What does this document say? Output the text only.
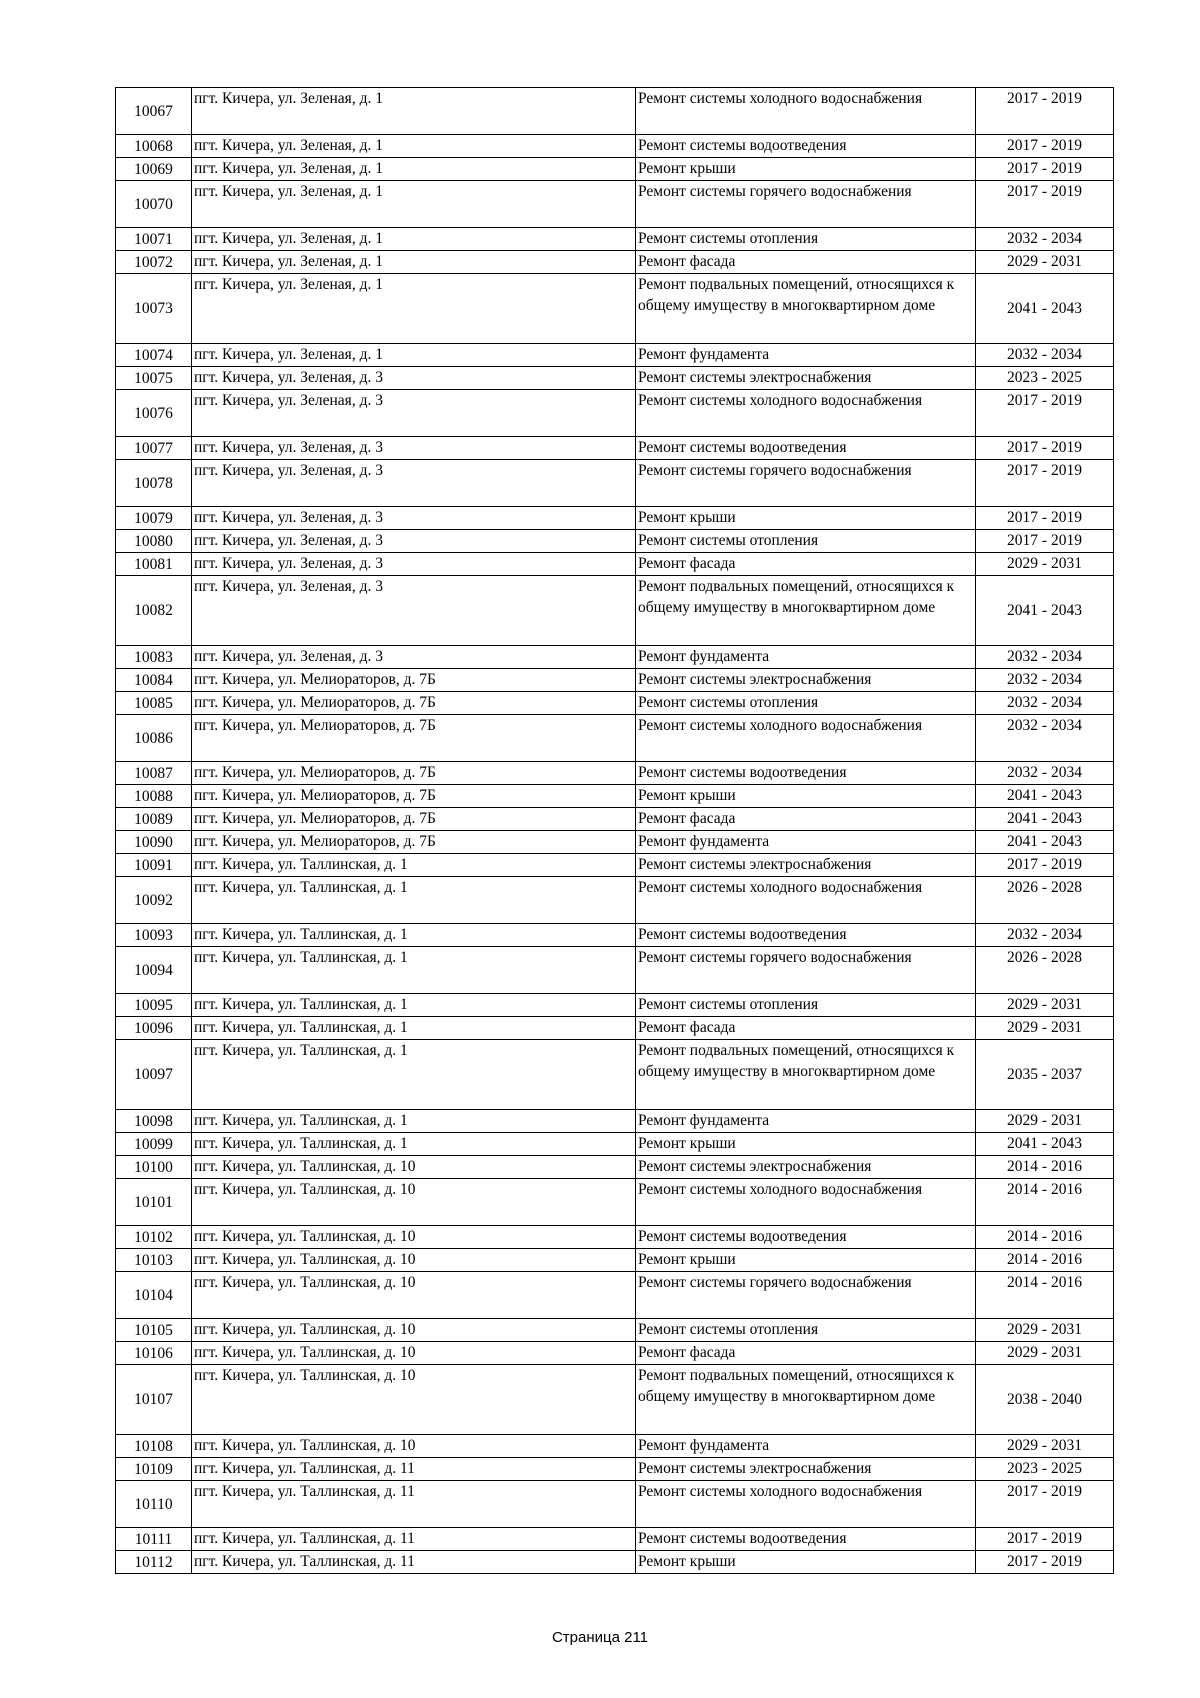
10067	пгт. Кичера, ул. Зеленая, д. 1	Ремонт системы холодного водоснабжения	2017 - 2019
10068	пгт. Кичера, ул. Зеленая, д. 1	Ремонт системы водоотведения	2017 - 2019
10069	пгт. Кичера, ул. Зеленая, д. 1	Ремонт крыши	2017 - 2019
10070	пгт. Кичера, ул. Зеленая, д. 1	Ремонт системы горячего водоснабжения	2017 - 2019
10071	пгт. Кичера, ул. Зеленая, д. 1	Ремонт системы отопления	2032 - 2034
10072	пгт. Кичера, ул. Зеленая, д. 1	Ремонт фасада	2029 - 2031
10073	пгт. Кичера, ул. Зеленая, д. 1	Ремонт подвальных помещений, относящихся к общему имуществу в многоквартирном доме	2041 - 2043
10074	пгт. Кичера, ул. Зеленая, д. 1	Ремонт фундамента	2032 - 2034
10075	пгт. Кичера, ул. Зеленая, д. 3	Ремонт системы электроснабжения	2023 - 2025
10076	пгт. Кичера, ул. Зеленая, д. 3	Ремонт системы холодного водоснабжения	2017 - 2019
10077	пгт. Кичера, ул. Зеленая, д. 3	Ремонт системы водоотведения	2017 - 2019
10078	пгт. Кичера, ул. Зеленая, д. 3	Ремонт системы горячего водоснабжения	2017 - 2019
10079	пгт. Кичера, ул. Зеленая, д. 3	Ремонт крыши	2017 - 2019
10080	пгт. Кичера, ул. Зеленая, д. 3	Ремонт системы отопления	2017 - 2019
10081	пгт. Кичера, ул. Зеленая, д. 3	Ремонт фасада	2029 - 2031
10082	пгт. Кичера, ул. Зеленая, д. 3	Ремонт подвальных помещений, относящихся к общему имуществу в многоквартирном доме	2041 - 2043
10083	пгт. Кичера, ул. Зеленая, д. 3	Ремонт фундамента	2032 - 2034
10084	пгт. Кичера, ул. Мелиораторов, д. 7Б	Ремонт системы электроснабжения	2032 - 2034
10085	пгт. Кичера, ул. Мелиораторов, д. 7Б	Ремонт системы отопления	2032 - 2034
10086	пгт. Кичера, ул. Мелиораторов, д. 7Б	Ремонт системы холодного водоснабжения	2032 - 2034
10087	пгт. Кичера, ул. Мелиораторов, д. 7Б	Ремонт системы водоотведения	2032 - 2034
10088	пгт. Кичера, ул. Мелиораторов, д. 7Б	Ремонт крыши	2041 - 2043
10089	пгт. Кичера, ул. Мелиораторов, д. 7Б	Ремонт фасада	2041 - 2043
10090	пгт. Кичера, ул. Мелиораторов, д. 7Б	Ремонт фундамента	2041 - 2043
10091	пгт. Кичера, ул. Таллинская, д. 1	Ремонт системы электроснабжения	2017 - 2019
10092	пгт. Кичера, ул. Таллинская, д. 1	Ремонт системы холодного водоснабжения	2026 - 2028
10093	пгт. Кичера, ул. Таллинская, д. 1	Ремонт системы водоотведения	2032 - 2034
10094	пгт. Кичера, ул. Таллинская, д. 1	Ремонт системы горячего водоснабжения	2026 - 2028
10095	пгт. Кичера, ул. Таллинская, д. 1	Ремонт системы отопления	2029 - 2031
10096	пгт. Кичера, ул. Таллинская, д. 1	Ремонт фасада	2029 - 2031
10097	пгт. Кичера, ул. Таллинская, д. 1	Ремонт подвальных помещений, относящихся к общему имуществу в многоквартирном доме	2035 - 2037
10098	пгт. Кичера, ул. Таллинская, д. 1	Ремонт фундамента	2029 - 2031
10099	пгт. Кичера, ул. Таллинская, д. 1	Ремонт крыши	2041 - 2043
10100	пгт. Кичера, ул. Таллинская, д. 10	Ремонт системы электроснабжения	2014 - 2016
10101	пгт. Кичера, ул. Таллинская, д. 10	Ремонт системы холодного водоснабжения	2014 - 2016
10102	пгт. Кичера, ул. Таллинская, д. 10	Ремонт системы водоотведения	2014 - 2016
10103	пгт. Кичера, ул. Таллинская, д. 10	Ремонт крыши	2014 - 2016
10104	пгт. Кичера, ул. Таллинская, д. 10	Ремонт системы горячего водоснабжения	2014 - 2016
10105	пгт. Кичера, ул. Таллинская, д. 10	Ремонт системы отопления	2029 - 2031
10106	пгт. Кичера, ул. Таллинская, д. 10	Ремонт фасада	2029 - 2031
10107	пгт. Кичера, ул. Таллинская, д. 10	Ремонт подвальных помещений, относящихся к общему имуществу в многоквартирном доме	2038 - 2040
10108	пгт. Кичера, ул. Таллинская, д. 10	Ремонт фундамента	2029 - 2031
10109	пгт. Кичера, ул. Таллинская, д. 11	Ремонт системы электроснабжения	2023 - 2025
10110	пгт. Кичера, ул. Таллинская, д. 11	Ремонт системы холодного водоснабжения	2017 - 2019
10111	пгт. Кичера, ул. Таллинская, д. 11	Ремонт системы водоотведения	2017 - 2019
10112	пгт. Кичера, ул. Таллинская, д. 11	Ремонт крыши	2017 - 2019
Страница 211
